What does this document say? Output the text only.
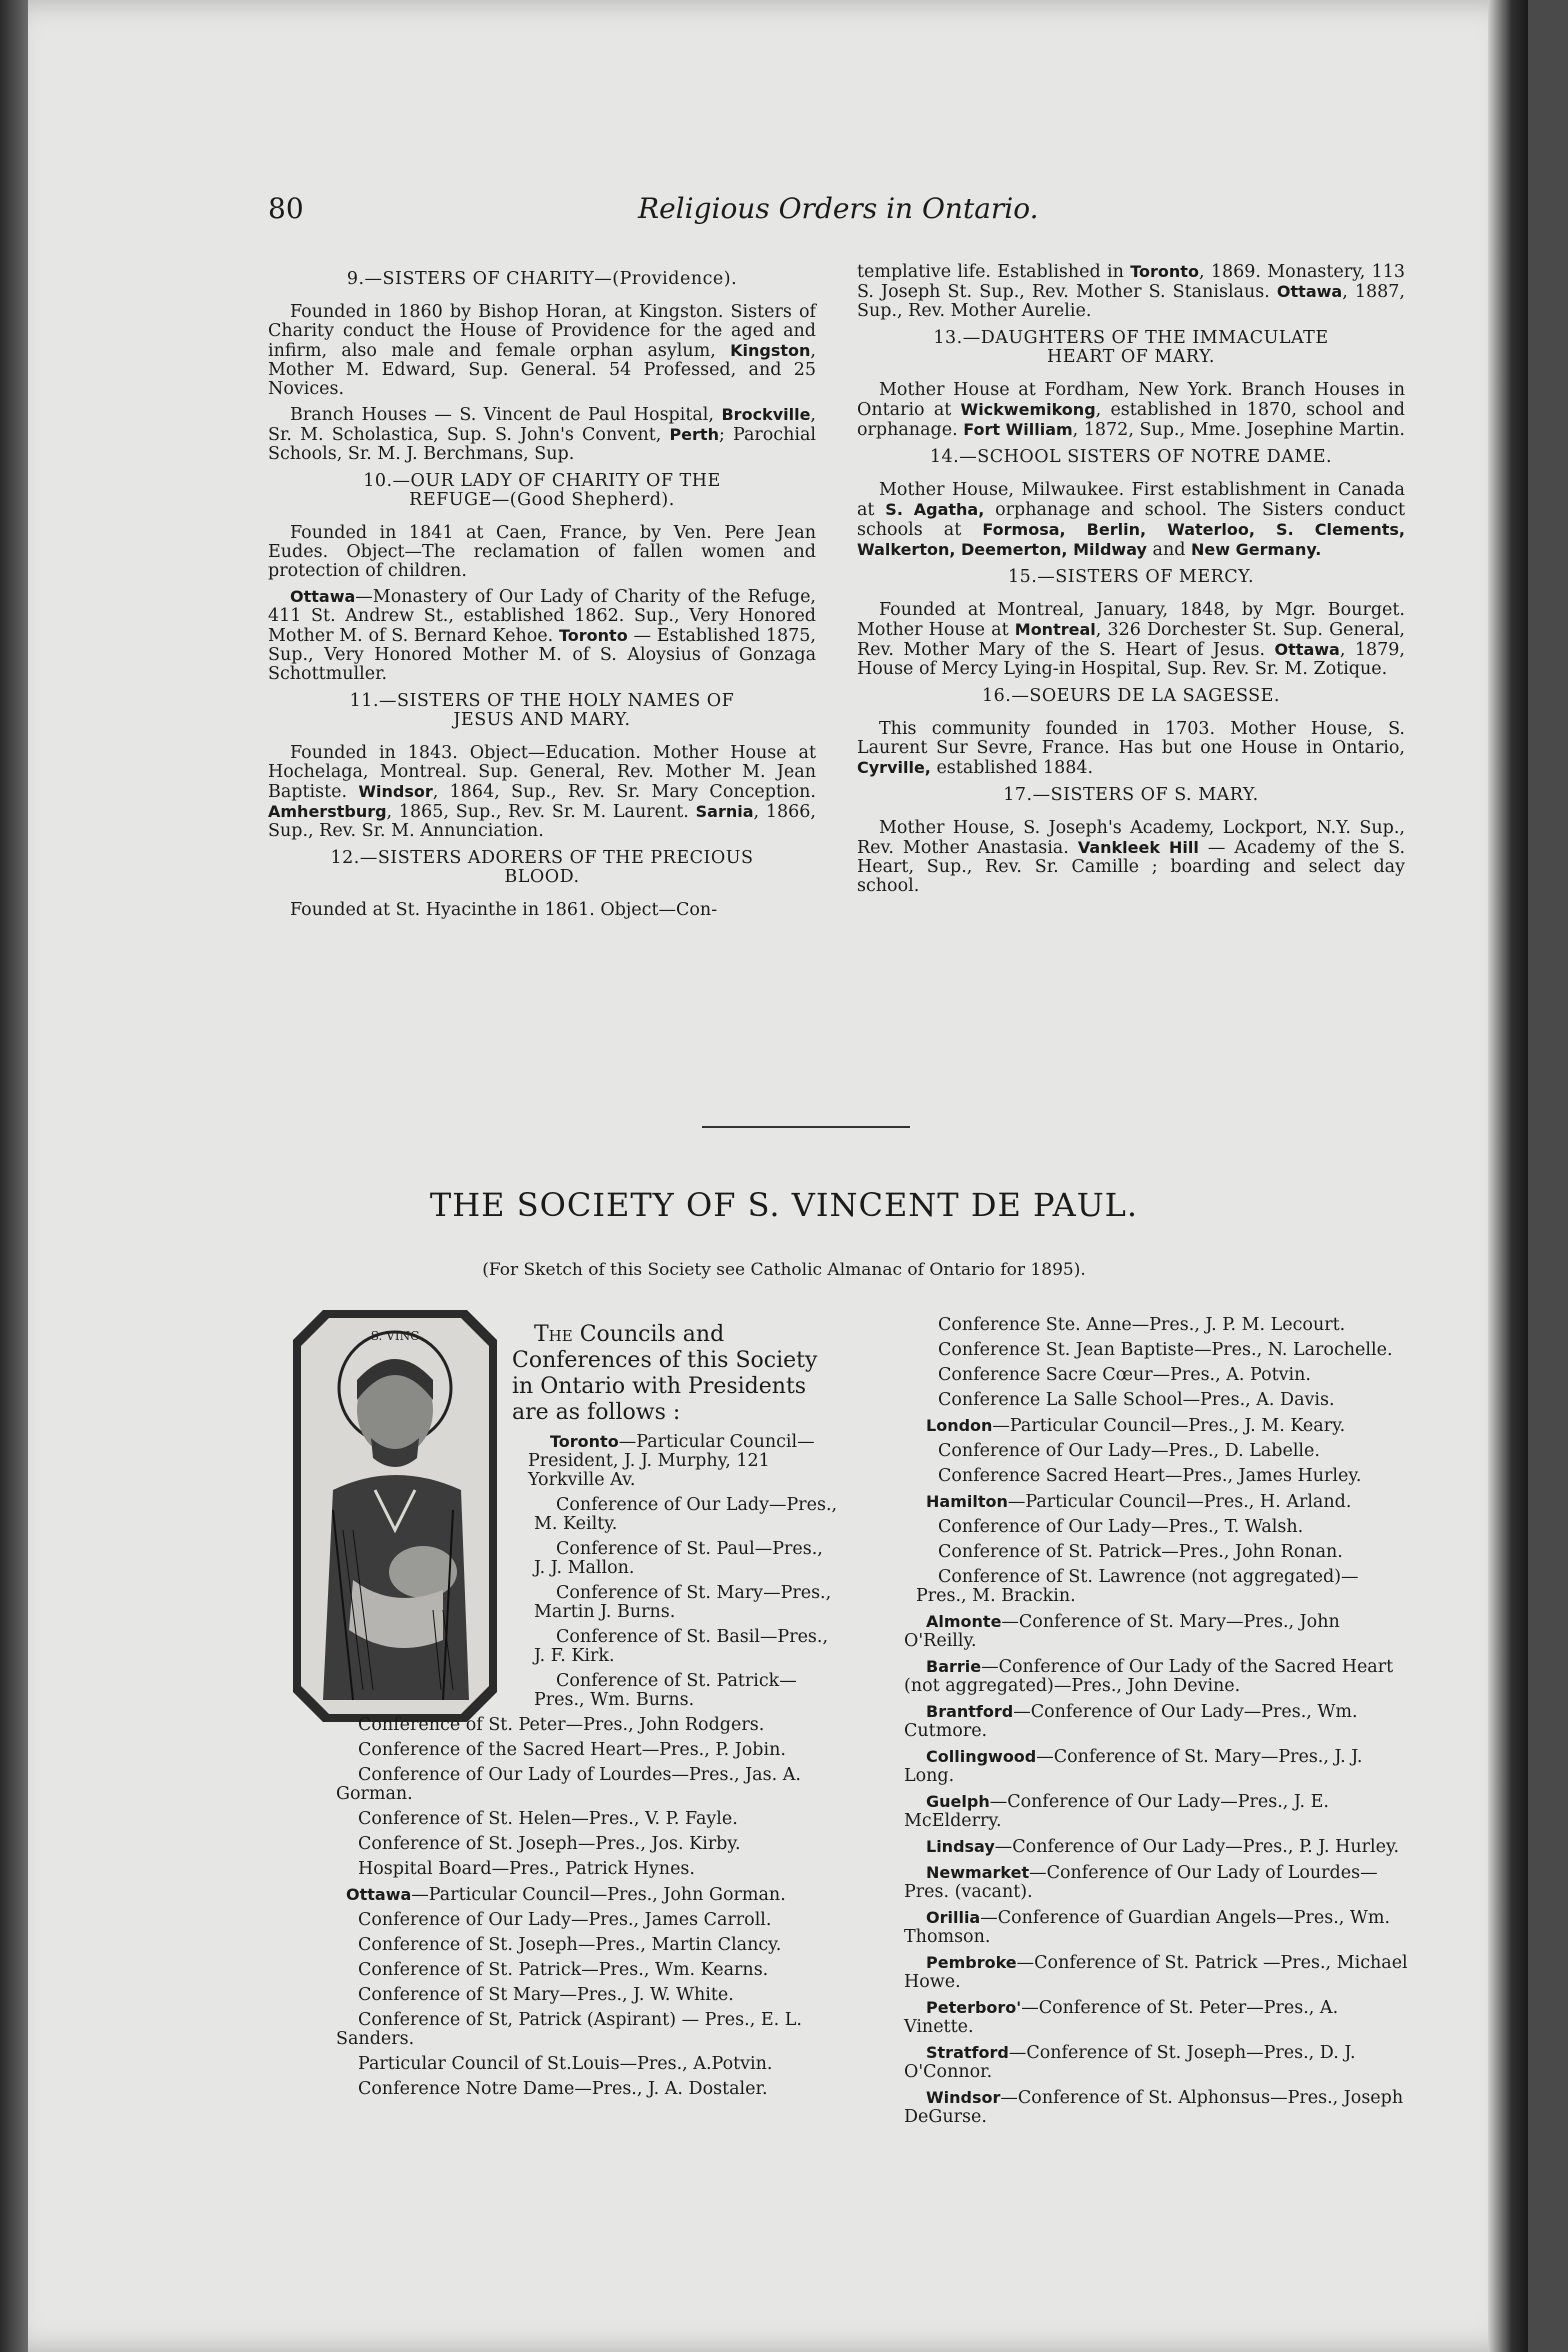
80	Religious Orders in Ontario.

9.—SISTERS OF CHARITY—(Providence).

Founded in 1860 by Bishop Horan, at Kingston. Sisters of Charity conduct the House of Providence for the aged and infirm, also male and female orphan asylum, Kingston, Mother M. Edward, Sup. General. 54 Professed, and 25 Novices.

Branch Houses — S. Vincent de Paul Hospital, Brockville, Sr. M. Scholastica, Sup. S. John's Convent, Perth; Parochial Schools, Sr. M. J. Berchmans, Sup.

10.—OUR LADY OF CHARITY OF THE
REFUGE—(Good Shepherd).

Founded in 1841 at Caen, France, by Ven. Pere Jean Eudes. Object—The reclamation of fallen women and protection of children.

Ottawa—Monastery of Our Lady of Charity of the Refuge, 411 St. Andrew St., established 1862. Sup., Very Honored Mother M. of S. Bernard Kehoe. Toronto — Established 1875, Sup., Very Honored Mother M. of S. Aloysius of Gonzaga Schottmuller.

11.—SISTERS OF THE HOLY NAMES OF
JESUS AND MARY.

Founded in 1843. Object—Education. Mother House at Hochelaga, Montreal. Sup. General, Rev. Mother M. Jean Baptiste. Windsor, 1864, Sup., Rev. Sr. Mary Conception. Amherstburg, 1865, Sup., Rev. Sr. M. Laurent. Sarnia, 1866, Sup., Rev. Sr. M. Annunciation.

12.—SISTERS ADORERS OF THE PRECIOUS
BLOOD.

Founded at St. Hyacinthe in 1861. Object—Con-

templative life. Established in Toronto, 1869. Monastery, 113 S. Joseph St. Sup., Rev. Mother S. Stanislaus. Ottawa, 1887, Sup., Rev. Mother Aurelie.

13.—DAUGHTERS OF THE IMMACULATE
HEART OF MARY.

Mother House at Fordham, New York. Branch Houses in Ontario at Wickwemikong, established in 1870, school and orphanage. Fort William, 1872, Sup., Mme. Josephine Martin.

14.—SCHOOL SISTERS OF NOTRE DAME.

Mother House, Milwaukee. First establishment in Canada at S. Agatha, orphanage and school. The Sisters conduct schools at Formosa, Berlin, Waterloo, S. Clements, Walkerton, Deemerton, Mildway and New Germany.

15.—SISTERS OF MERCY.

Founded at Montreal, January, 1848, by Mgr. Bourget. Mother House at Montreal, 326 Dorchester St. Sup. General, Rev. Mother Mary of the S. Heart of Jesus. Ottawa, 1879, House of Mercy Lying-in Hospital, Sup. Rev. Sr. M. Zotique.

16.—SOEURS DE LA SAGESSE.

This community founded in 1703. Mother House, S. Laurent Sur Sevre, France. Has but one House in Ontario, Cyrville, established 1884.

17.—SISTERS OF S. MARY.

Mother House, S. Joseph's Academy, Lockport, N.Y. Sup., Rev. Mother Anastasia. Vankleek Hill — Academy of the S. Heart, Sup., Rev. Sr. Camille ; boarding and select day school.

THE SOCIETY OF S. VINCENT DE PAUL.
(For Sketch of this Society see Catholic Almanac of Ontario for 1895).
S. VINC	The Councils and Conferences of this Society in Ontario with Presidents are as follows :

Toronto—Particular Council—President, J. J. Murphy, 121 Yorkville Av.

Conference of Our Lady—Pres., M. Keilty.

Conference of St. Paul—Pres., J. J. Mallon.

Conference of St. Mary—Pres., Martin J. Burns.

Conference of St. Basil—Pres., J. F. Kirk.

Conference of St. Patrick—Pres., Wm. Burns.

Conference of St. Peter—Pres., John Rodgers.

Conference of the Sacred Heart—Pres., P. Jobin.

Conference of Our Lady of Lourdes—Pres., Jas. A. Gorman.

Conference of St. Helen—Pres., V. P. Fayle.

Conference of St. Joseph—Pres., Jos. Kirby.

Hospital Board—Pres., Patrick Hynes.

Ottawa—Particular Council—Pres., John Gorman.

Conference of Our Lady—Pres., James Carroll.

Conference of St. Joseph—Pres., Martin Clancy.

Conference of St. Patrick—Pres., Wm. Kearns.

Conference of St Mary—Pres., J. W. White.

Conference of St, Patrick (Aspirant) — Pres., E. L. Sanders.

Particular Council of St.Louis—Pres., A.Potvin.

Conference Notre Dame—Pres., J. A. Dostaler.

Conference Ste. Anne—Pres., J. P. M. Lecourt.

Conference St. Jean Baptiste—Pres., N. Larochelle.

Conference Sacre Cœur—Pres., A. Potvin.

Conference La Salle School—Pres., A. Davis.

London—Particular Council—Pres., J. M. Keary.

Conference of Our Lady—Pres., D. Labelle.

Conference Sacred Heart—Pres., James Hurley.

Hamilton—Particular Council—Pres., H. Arland.

Conference of Our Lady—Pres., T. Walsh.

Conference of St. Patrick—Pres., John Ronan.

Conference of St. Lawrence (not aggregated)—Pres., M. Brackin.

Almonte—Conference of St. Mary—Pres., John O'Reilly.

Barrie—Conference of Our Lady of the Sacred Heart (not aggregated)—Pres., John Devine.

Brantford—Conference of Our Lady—Pres., Wm. Cutmore.

Collingwood—Conference of St. Mary—Pres., J. J. Long.

Guelph—Conference of Our Lady—Pres., J. E. McElderry.

Lindsay—Conference of Our Lady—Pres., P. J. Hurley.

Newmarket—Conference of Our Lady of Lourdes—Pres. (vacant).

Orillia—Conference of Guardian Angels—Pres., Wm. Thomson.

Pembroke—Conference of St. Patrick —Pres., Michael Howe.

Peterboro'—Conference of St. Peter—Pres., A. Vinette.

Stratford—Conference of St. Joseph—Pres., D. J. O'Connor.

Windsor—Conference of St. Alphonsus—Pres., Joseph DeGurse.
